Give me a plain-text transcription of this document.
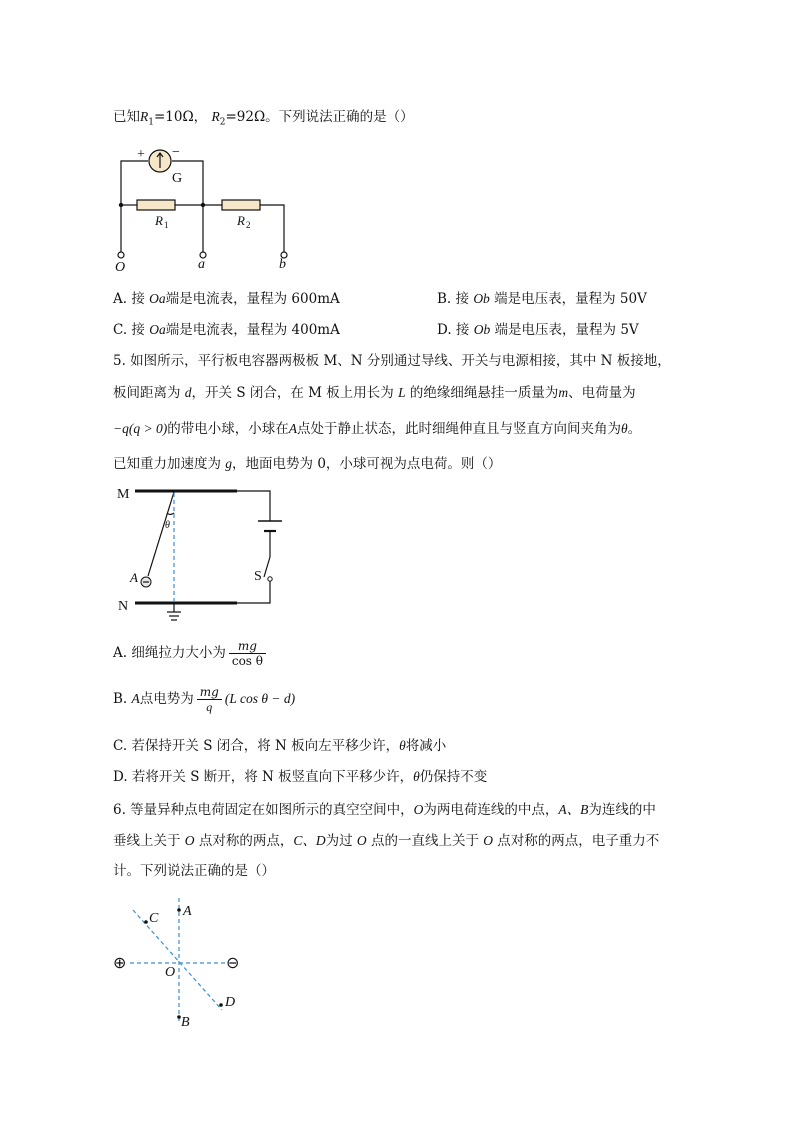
已知$R_1=10\Omega$， $R_2=92\Omega$。下列说法正确的是（）
+ −
G
R 1	R 2
O	a	b
A. 接 Oa端是电流表，量程为 600mA	B. 接 Ob 端是电压表，量程为 50V
C. 接 Oa端是电流表，量程为 400mA	D. 接 Ob 端是电压表，量程为 5V
5. 如图所示，平行板电容器两极板 M、N 分别通过导线、开关与电源相接，其中 N 板接地，
板间距离为 d，开关 S 闭合，在 M 板上用长为 L 的绝缘细绳悬挂一质量为m、电荷量为
−q(q > 0)的带电小球，小球在A点处于静止状态，此时细绳伸直且与竖直方向间夹角为θ。
已知重力加速度为 g，地面电势为 0，小球可视为点电荷。则（）
M
N
A	S
θ
A. 细绳拉力大小为 $\frac{mg}{\text{cos θ}}$
B. A点电势为 $\frac{mg}{q} (L$ cos θ − d)
C. 若保持开关 S 闭合，将 N 板向左平移少许，θ将减小
D. 若将开关 S 断开，将 N 板竖直向下平移少许，θ仍保持不变
6. 等量异种点电荷固定在如图所示的真空空间中，O为两电荷连线的中点，A、B为连线的中
垂线上关于 O 点对称的两点，C、D为过 O 点的一直线上关于 O 点对称的两点，电子重力不
计。下列说法正确的是（）
A
B
C
D
O
⊕	⊖
